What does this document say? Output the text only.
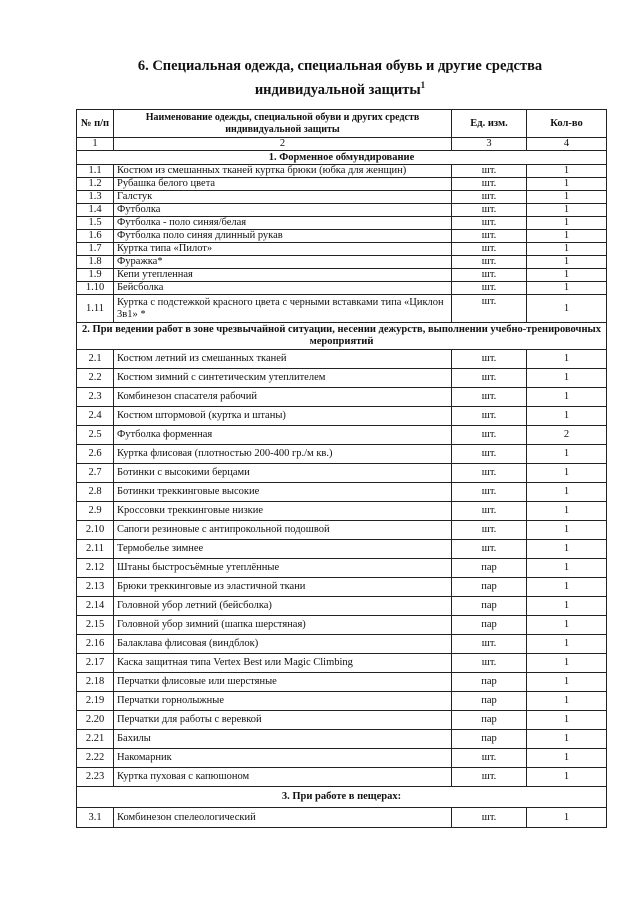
6. Специальная одежда, специальная обувь и другие средства
индивидуальной защиты$^1$
№ п/п	Наименование одежды, специальной обуви и других средств индивидуальной защиты	Ед. изм.	Кол-во
1	2	3	4
1. Форменное обмундирование			
1.1	Костюм из смешанных тканей куртка брюки (юбка для женщин)	шт.	1
1.2	Рубашка белого цвета	шт.	1
1.3	Галстук	шт.	1
1.4	Футболка	шт.	1
1.5	Футболка - поло синяя/белая	шт.	1
1.6	Футболка поло синяя длинный рукав	шт.	1
1.7	Куртка типа «Пилот»	шт.	1
1.8	Фуражка*	шт.	1
1.9	Кепи утепленная	шт.	1
1.10	Бейсболка	шт.	1
1.11	Куртка с подстежкой красного цвета с черными вставками типа «Циклон 3в1» *	шт.	1
2. При ведении работ в зоне чрезвычайной ситуации, несении дежурств, выполнении учебно-тренировочных мероприятий			
2.1	Костюм летний из смешанных тканей	шт.	1
2.2	Костюм зимний с синтетическим утеплителем	шт.	1
2.3	Комбинезон спасателя рабочий	шт.	1
2.4	Костюм штормовой (куртка и штаны)	шт.	1
2.5	Футболка форменная	шт.	2
2.6	Куртка флисовая (плотностью 200-400 гр./м кв.)	шт.	1
2.7	Ботинки с высокими берцами	шт.	1
2.8	Ботинки треккинговые высокие	шт.	1
2.9	Кроссовки треккинговые низкие	шт.	1
2.10	Сапоги резиновые с антипрокольной подошвой	шт.	1
2.11	Термобелье зимнее	шт.	1
2.12	Штаны быстросъёмные утеплённые	пар	1
2.13	Брюки треккинговые из эластичной ткани	пар	1
2.14	Головной убор летний (бейсболка)	пар	1
2.15	Головной убор зимний (шапка шерстяная)	пар	1
2.16	Балаклава флисовая (виндблок)	шт.	1
2.17	Каска защитная типа Vertex Best или Magic Climbing	шт.	1
2.18	Перчатки флисовые или шерстяные	пар	1
2.19	Перчатки горнолыжные	пар	1
2.20	Перчатки для работы с веревкой	пар	1
2.21	Бахилы	пар	1
2.22	Накомарник	шт.	1
2.23	Куртка пуховая с капюшоном	шт.	1
3. При работе в пещерах:			
3.1	Комбинезон спелеологический	шт.	1
